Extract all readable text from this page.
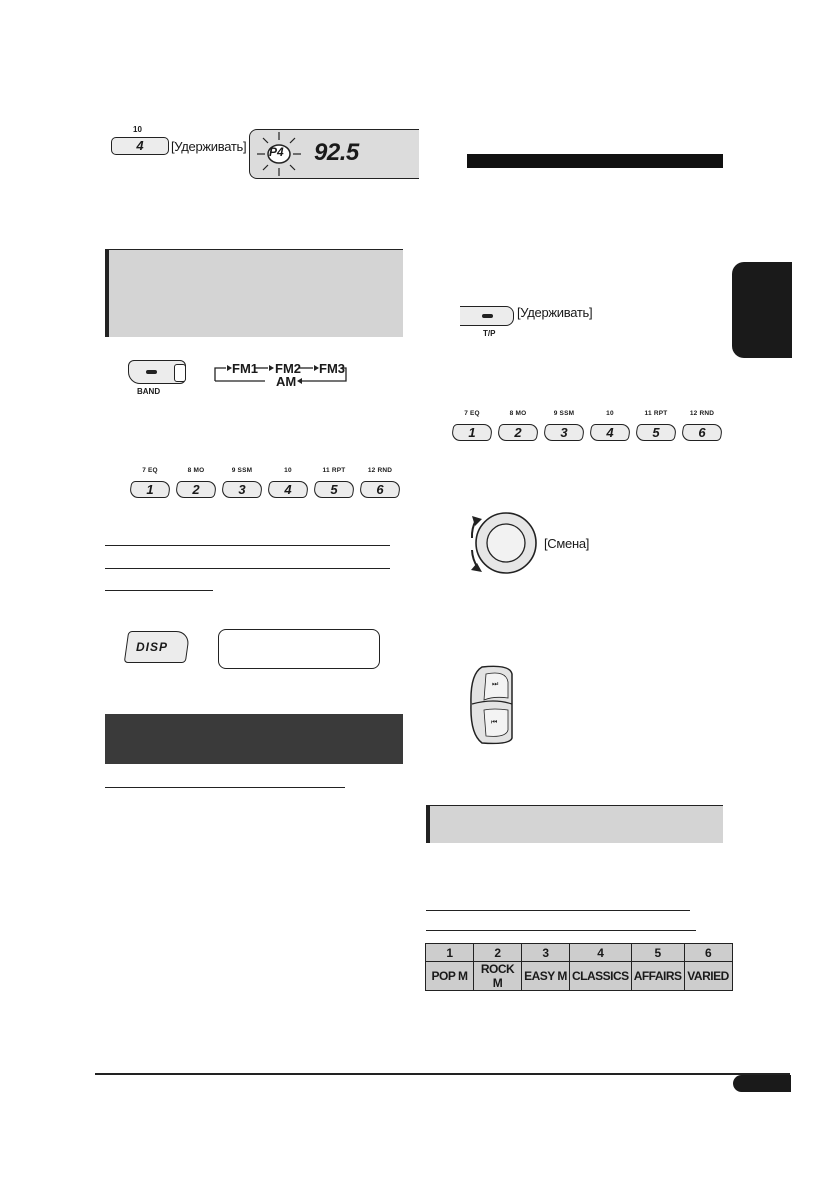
10
4	[Удерживать] P4 92.5
BAND
FM1 FM2 FM3
AM
7 EQ
1
8 MO
2
9 SSM
3
10
4
11 RPT
5
12 RND
6
DISP
T/P
[Удерживать]
7 EQ
1
8 MO
2
9 SSM
3
10
4
11 RPT
5
12 RND
6
[Смена]
⏭
⏮
1	2	3	4	5	6
POP M	ROCK M	EASY M	CLASSICS	AFFAIRS	VARIED
